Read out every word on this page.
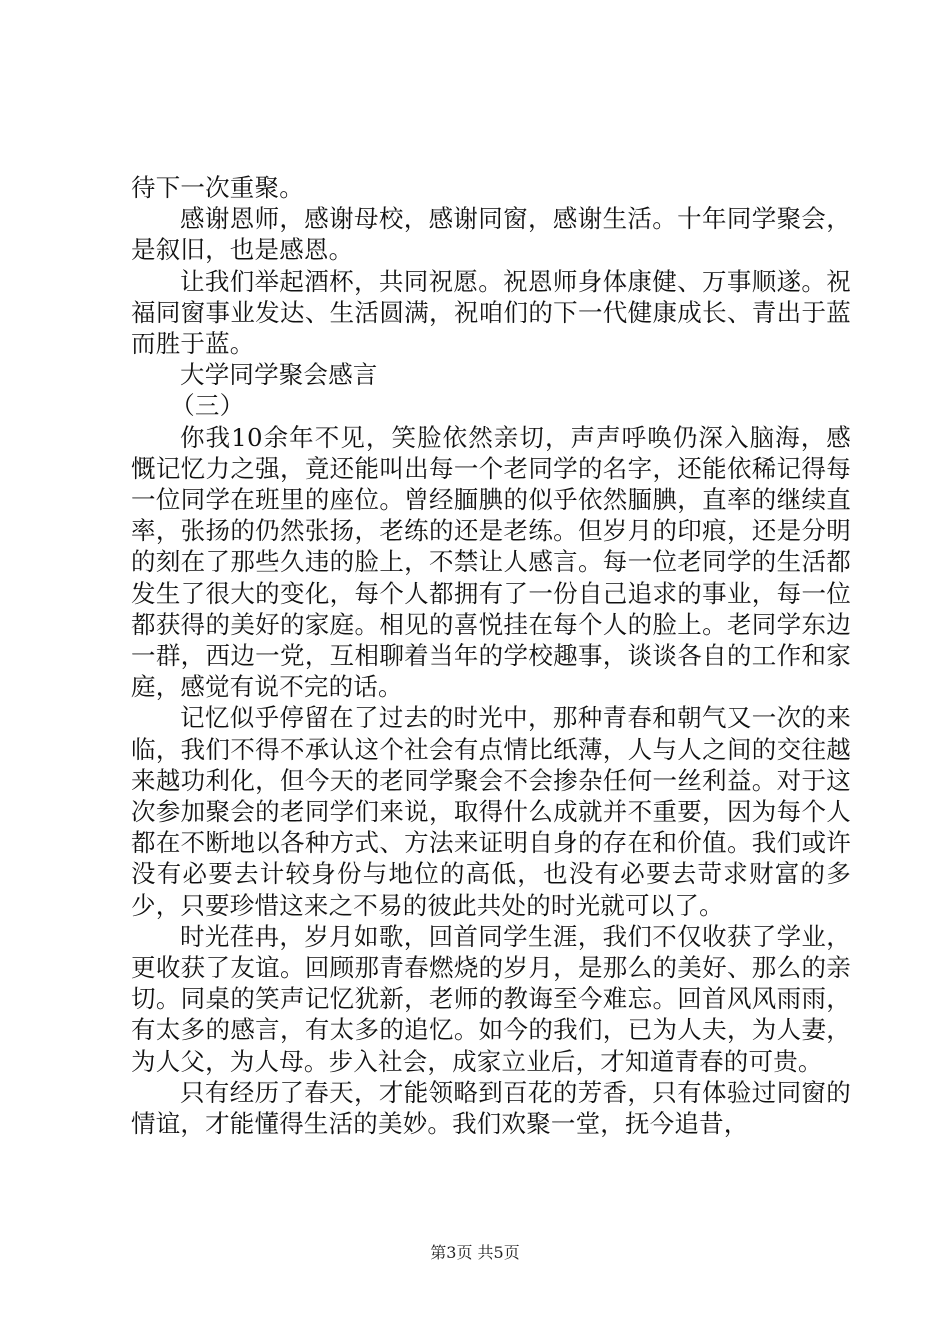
待下一次重聚。

感谢恩师，感谢母校，感谢同窗，感谢生活。十年同学聚会，是叙旧，也是感恩。

让我们举起酒杯，共同祝愿。祝恩师身体康健、万事顺遂。祝福同窗事业发达、生活圆满，祝咱们的下一代健康成长、青出于蓝而胜于蓝。

大学同学聚会感言

（三）

你我10余年不见，笑脸依然亲切，声声呼唤仍深入脑海，感慨记忆力之强，竟还能叫出每一个老同学的名字，还能依稀记得每一位同学在班里的座位。曾经腼腆的似乎依然腼腆，直率的继续直率，张扬的仍然张扬，老练的还是老练。但岁月的印痕，还是分明的刻在了那些久违的脸上，不禁让人感言。每一位老同学的生活都发生了很大的变化，每个人都拥有了一份自己追求的事业，每一位都获得的美好的家庭。相见的喜悦挂在每个人的脸上。老同学东边一群，西边一党，互相聊着当年的学校趣事，谈谈各自的工作和家庭，感觉有说不完的话。

记忆似乎停留在了过去的时光中，那种青春和朝气又一次的来临，我们不得不承认这个社会有点情比纸薄，人与人之间的交往越来越功利化，但今天的老同学聚会不会掺杂任何一丝利益。对于这次参加聚会的老同学们来说，取得什么成就并不重要，因为每个人都在不断地以各种方式、方法来证明自身的存在和价值。我们或许没有必要去计较身份与地位的高低，也没有必要去苛求财富的多少，只要珍惜这来之不易的彼此共处的时光就可以了。

时光荏冉，岁月如歌，回首同学生涯，我们不仅收获了学业，更收获了友谊。回顾那青春燃烧的岁月，是那么的美好、那么的亲切。同桌的笑声记忆犹新，老师的教诲至今难忘。回首风风雨雨，有太多的感言，有太多的追忆。如今的我们，已为人夫，为人妻，为人父，为人母。步入社会，成家立业后，才知道青春的可贵。

只有经历了春天，才能领略到百花的芳香，只有体验过同窗的情谊，才能懂得生活的美妙。我们欢聚一堂，抚今追昔，

第3页 共5页
